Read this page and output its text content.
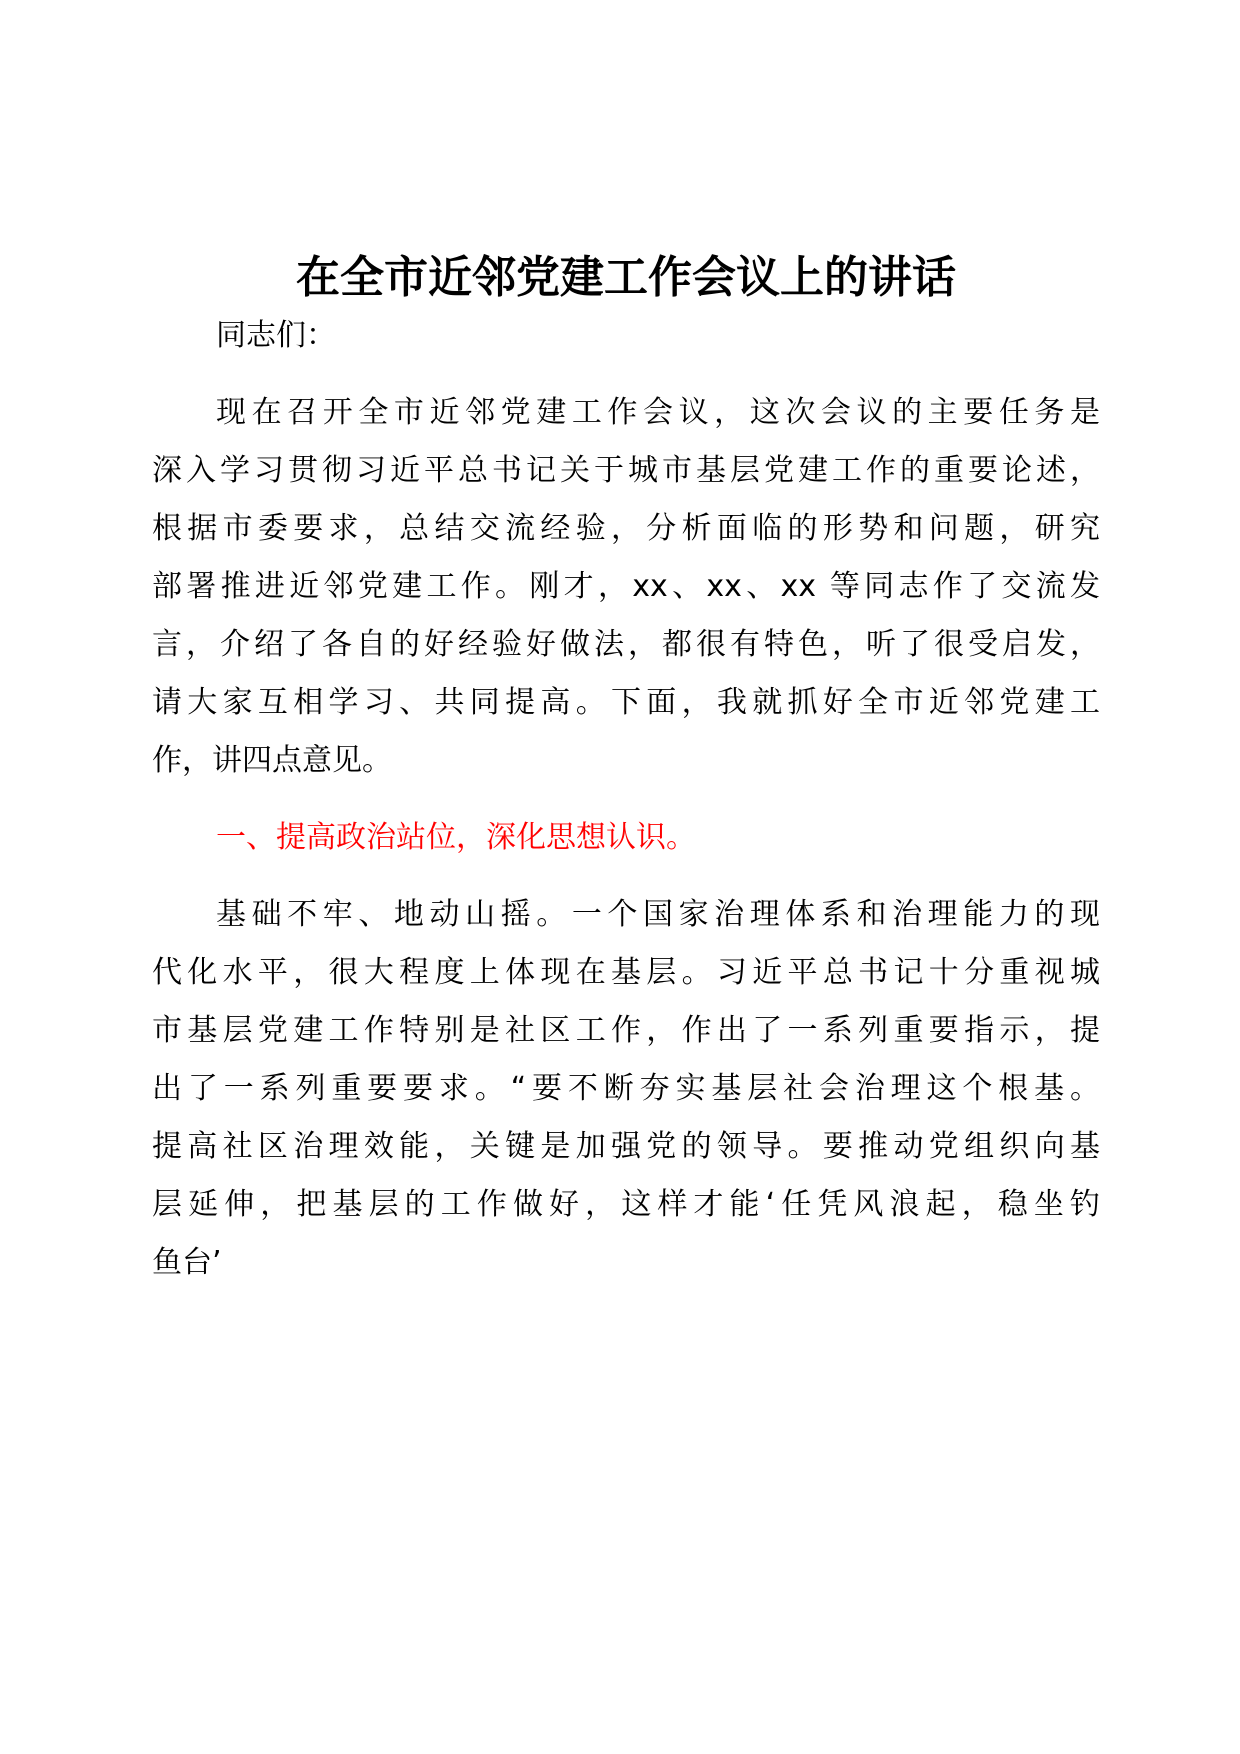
在全市近邻党建工作会议上的讲话
同志们：
现在召开全市近邻党建工作会议，这次会议的主要任务是
深入学习贯彻习近平总书记关于城市基层党建工作的重要论述，
根据市委要求，总结交流经验，分析面临的形势和问题，研究
部署推进近邻党建工作。刚才，xx、xx、xx 等同志作了交流发
言，介绍了各自的好经验好做法，都很有特色，听了很受启发，
请大家互相学习、共同提高。下面，我就抓好全市近邻党建工
作，讲四点意见。
一、提高政治站位，深化思想认识。
基础不牢、地动山摇。一个国家治理体系和治理能力的现
代化水平，很大程度上体现在基层。习近平总书记十分重视城
市基层党建工作特别是社区工作，作出了一系列重要指示，提
出了一系列重要要求。“要不断夯实基层社会治理这个根基。
提高社区治理效能，关键是加强党的领导。要推动党组织向基
层延伸，把基层的工作做好，这样才能‘任凭风浪起，稳坐钓
鱼台’
